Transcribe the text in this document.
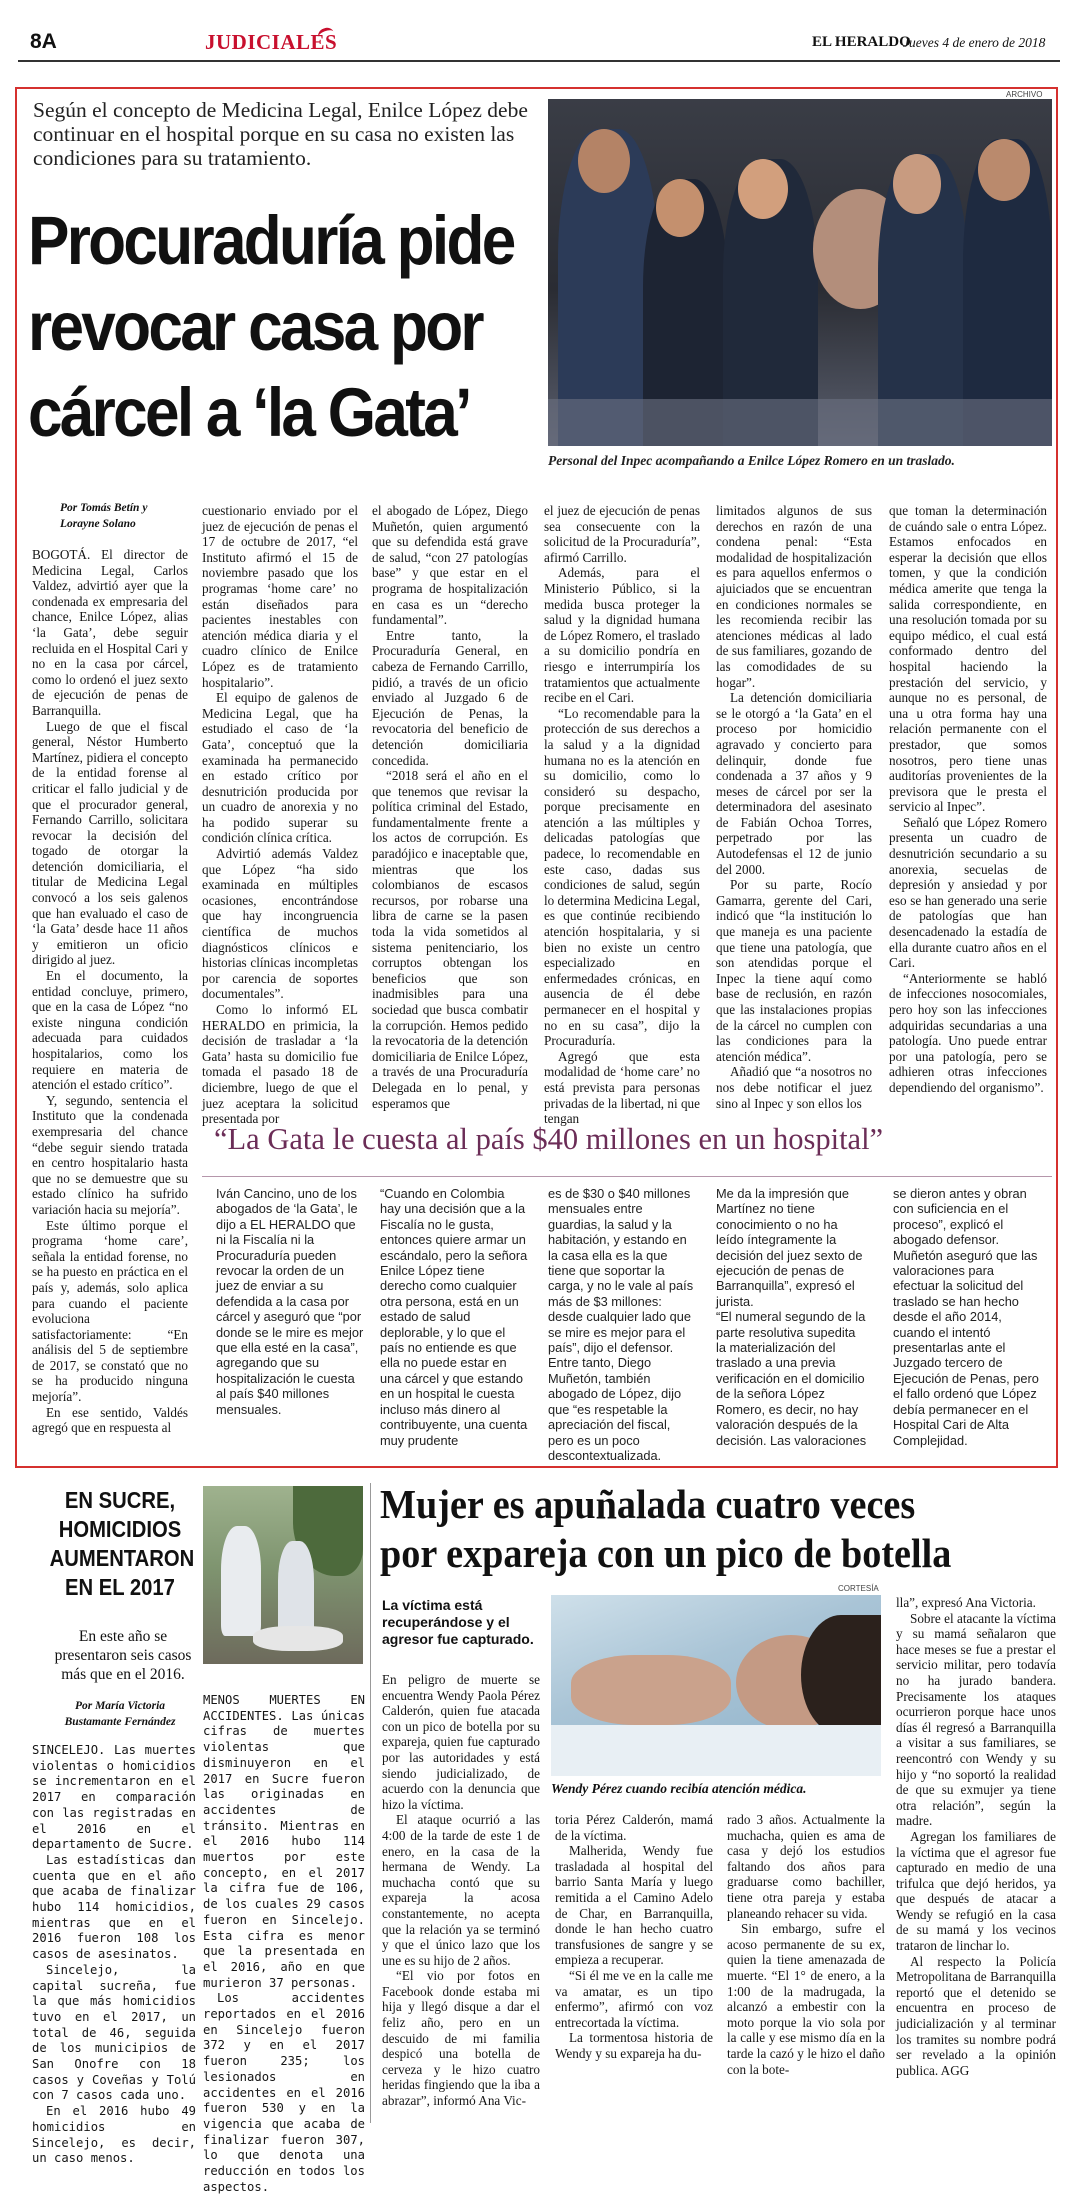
8A	JUDICIALES	EL HERALDO
Jueves 4 de enero de 2018
Según el concepto de Medicina Legal, Enilce López debe continuar en el hospital porque en su casa no existen las condiciones para su tratamiento.
Procuraduría pide
revocar casa por
cárcel a ‘la Gata’
ARCHIVO
Personal del Inpec acompañando a Enilce López Romero en un traslado.
Por Tomás Betín y
Lorayne Solano

BOGOTÁ. El director de Medicina Legal, Carlos Valdez, advirtió ayer que la condenada ex empresaria del chance, Enilce López, alias ‘la Gata’, debe seguir recluida en el Hospital Cari y no en la casa por cárcel, como lo ordenó el juez sexto de ejecución de penas de Barranquilla.

Luego de que el fiscal general, Néstor Humberto Martínez, pidiera el concepto de la entidad forense al criticar el fallo judicial y de que el procurador general, Fernando Carrillo, solicitara revocar la decisión del togado de otorgar la detención domiciliaria, el titular de Medicina Legal convocó a los seis galenos que han evaluado el caso de ‘la Gata’ desde hace 11 años y emitieron un oficio dirigido al juez.

En el documento, la entidad concluye, primero, que en la casa de López “no existe ninguna condición adecuada para cuidados hospitalarios, como los requiere en materia de atención el estado crítico”.

Y, segundo, sentencia el Instituto que la condenada exempresaria del chance “debe seguir siendo tratada en centro hospitalario hasta que no se demuestre que su estado clínico ha sufrido variación hacia su mejoría”.

Este último porque el programa ‘home care’, señala la entidad forense, no se ha puesto en práctica en el país y, además, solo aplica para cuando el paciente evoluciona satisfactoriamente: “En análisis del 5 de septiembre de 2017, se constató que no se ha producido ninguna mejoría”.

En ese sentido, Valdés agregó que en respuesta al

cuestionario enviado por el juez de ejecución de penas el 17 de octubre de 2017, “el Instituto afirmó el 15 de noviembre pasado que los programas ‘home care’ no están diseñados para pacientes inestables con atención médica diaria y el cuadro clínico de Enilce López es de tratamiento hospitalario”.

El equipo de galenos de Medicina Legal, que ha estudiado el caso de ‘la Gata’, conceptuó que la examinada ha permanecido en estado crítico por desnutrición producida por un cuadro de anorexia y no ha podido superar su condición clínica crítica.

Advirtió además Valdez que López “ha sido examinada en múltiples ocasiones, encontrándose que hay incongruencia científica de muchos diagnósticos clínicos e historias clínicas incompletas por carencia de soportes documentales”.

Como lo informó EL HERALDO en primicia, la decisión de trasladar a ‘la Gata’ hasta su domicilio fue tomada el pasado 18 de diciembre, luego de que el juez aceptara la solicitud presentada por

el abogado de López, Diego Muñetón, quien argumentó que su defendida está grave de salud, “con 27 patologías base” y que estar en el programa de hospitalización en casa es un “derecho fundamental”.

Entre tanto, la Procuraduría General, en cabeza de Fernando Carrillo, pidió, a través de un oficio enviado al Juzgado 6 de Ejecución de Penas, la revocatoria del beneficio de detención domiciliaria concedida.

“2018 será el año en el que tenemos que revisar la política criminal del Estado, fundamentalmente frente a los actos de corrupción. Es paradójico e inaceptable que, mientras que los colombianos de escasos recursos, por robarse una libra de carne se la pasen toda la vida sometidos al sistema penitenciario, los corruptos obtengan los beneficios que son inadmisibles para una sociedad que busca combatir la corrupción. Hemos pedido la revocatoria de la detención domiciliaria de Enilce López, a través de una Procuraduría Delegada en lo penal, y esperamos que

el juez de ejecución de penas sea consecuente con la solicitud de la Procuraduría”, afirmó Carrillo.

Además, para el Ministerio Público, si la medida busca proteger la salud y la dignidad humana de López Romero, el traslado a su domicilio pondría en riesgo e interrumpiría los tratamientos que actualmente recibe en el Cari.

“Lo recomendable para la protección de sus derechos a la salud y a la dignidad humana no es la atención en su domicilio, como lo consideró su despacho, porque precisamente en atención a las múltiples y delicadas patologías que padece, lo recomendable en este caso, dadas sus condiciones de salud, según lo determina Medicina Legal, es que continúe recibiendo atención hospitalaria, y si bien no existe un centro especializado en enfermedades crónicas, en ausencia de él debe permanecer en el hospital y no en su casa”, dijo la Procuraduría.

Agregó que esta modalidad de ‘home care’ no está prevista para personas privadas de la libertad, ni que tengan

limitados algunos de sus derechos en razón de una condena penal: “Esta modalidad de hospitalización es para aquellos enfermos o ajuiciados que se encuentran en condiciones normales se les recomienda recibir las atenciones médicas al lado de sus familiares, gozando de las comodidades de su hogar”.

La detención domiciliaria se le otorgó a ‘la Gata’ en el proceso por homicidio agravado y concierto para delinquir, donde fue condenada a 37 años y 9 meses de cárcel por ser la determinadora del asesinato de Fabián Ochoa Torres, perpetrado por las Autodefensas el 12 de junio del 2000.

Por su parte, Rocío Gamarra, gerente del Cari, indicó que “la institución lo que maneja es una paciente que tiene una patología, que son atendidas porque el Inpec la tiene aquí como base de reclusión, en razón que las instalaciones propias de la cárcel no cumplen con las condiciones para la atención médica”.

Añadió que “a nosotros no nos debe notificar el juez sino al Inpec y son ellos los

que toman la determinación de cuándo sale o entra López. Estamos enfocados en esperar la decisión que ellos tomen, y que la condición médica amerite que tenga la salida correspondiente, en una resolución tomada por su equipo médico, el cual está conformado dentro del hospital haciendo la prestación del servicio, y aunque no es personal, de una u otra forma hay una relación permanente con el prestador, que somos nosotros, pero tiene unas auditorías provenientes de la previsora que le presta el servicio al Inpec”.

Señaló que López Romero presenta un cuadro de desnutrición secundario a su anorexia, secuelas de depresión y ansiedad y por eso se han generado una serie de patologías que han desencadenado la estadía de ella durante cuatro años en el Cari.

“Anteriormente se habló de infecciones nosocomiales, pero hoy son las infecciones adquiridas secundarias a una patología. Uno puede entrar por una patología, pero se adhieren otras infecciones dependiendo del organismo”.

“La Gata le cuesta al país $40 millones en un hospital”
Iván Cancino, uno de los abogados de ‘la Gata’, le dijo a EL HERALDO que ni la Fiscalía ni la Procuraduría pueden revocar la orden de un juez de enviar a su defendida a la casa por cárcel y aseguró que “por donde se le mire es mejor que ella esté en la casa”, agregando que su hospitalización le cuesta al país $40 millones mensuales.
“Cuando en Colombia hay una decisión que a la Fiscalía no le gusta, entonces quiere armar un escándalo, pero la señora Enilce López tiene derecho como cualquier otra persona, está en un estado de salud deplorable, y lo que el país no entiende es que ella no puede estar en una cárcel y que estando en un hospital le cuesta incluso más dinero al contribuyente, una cuenta muy prudente
es de $30 o $40 millones mensuales entre guardias, la salud y la habitación, y estando en la casa ella es la que tiene que soportar la carga, y no le vale al país más de $3 millones: desde cualquier lado que se mire es mejor para el país”, dijo el defensor.
Entre tanto, Diego Muñetón, también abogado de López, dijo que “es respetable la apreciación del fiscal, pero es un poco descontextualizada.
Me da la impresión que Martínez no tiene conocimiento o no ha leído íntegramente la decisión del juez sexto de ejecución de penas de Barranquilla”, expresó el jurista.
“El numeral segundo de la parte resolutiva supedita la materialización del traslado a una previa verificación en el domicilio de la señora López Romero, es decir, no hay valoración después de la decisión. Las valoraciones
se dieron antes y obran con suficiencia en el proceso”, explicó el abogado defensor. Muñetón aseguró que las valoraciones para efectuar la solicitud del traslado se han hecho desde el año 2014, cuando el intentó presentarlas ante el Juzgado tercero de Ejecución de Penas, pero el fallo ordenó que López debía permanecer en el Hospital Cari de Alta Complejidad.
EN SUCRE,
HOMICIDIOS
AUMENTARON
EN EL 2017
En este año se presentaron seis casos más que en el 2016.
Por María Victoria
Bustamante Fernández

SINCELEJO. Las muertes violentas o homicidios se incrementaron en el 2017 en comparación con las registradas en el 2016 en el departamento de Sucre.

Las estadísticas dan cuenta que en el año que acaba de finalizar hubo 114 homicidios, mientras que en el 2016 fueron 108 los casos de asesinatos.

Sincelejo, la capital sucreña, fue la que más homicidios tuvo en el 2017, un total de 46, seguida de los municipios de San Onofre con 18 casos y Coveñas y Tolú con 7 casos cada uno.

En el 2016 hubo 49 homicidios en Sincelejo, es decir, un caso menos.

MENOS MUERTES EN ACCIDENTES. Las únicas cifras de muertes violentas que disminuyeron en el 2017 en Sucre fueron las originadas en accidentes de tránsito. Mientras en el 2016 hubo 114 muertos por este concepto, en el 2017 la cifra fue de 106, de los cuales 29 casos fueron en Sincelejo. Esta cifra es menor que la presentada en el 2016, año en que murieron 37 personas.

Los accidentes reportados en el 2016 en Sincelejo fueron 372 y en el 2017 fueron 235; los lesionados en accidentes en el 2016 fueron 530 y en la vigencia que acaba de finalizar fueron 307, lo que denota una reducción en todos los aspectos.

Mujer es apuñalada cuatro veces
por expareja con un pico de botella
La víctima está recuperándose y el agresor fue capturado.
CORTESÍA
Wendy Pérez cuando recibía atención médica.

En peligro de muerte se encuentra Wendy Paola Pérez Calderón, quien fue atacada con un pico de botella por su expareja, quien fue capturado por las autoridades y está siendo judicializado, de acuerdo con la denuncia que hizo la víctima.

El ataque ocurrió a las 4:00 de la tarde de este 1 de enero, en la casa de la hermana de Wendy. La muchacha contó que su expareja la acosa constantemente, no acepta que la relación ya se terminó y que el único lazo que los une es su hijo de 2 años.

“El vio por fotos en Facebook donde estaba mi hija y llegó disque a dar el feliz año, pero en un descuido de mi familia despicó una botella de cerveza y le hizo cuatro heridas fingiendo que la iba a abrazar”, informó Ana Vic-

toria Pérez Calderón, mamá de la víctima.

Malherida, Wendy fue trasladada al hospital del barrio Santa María y luego remitida a el Camino Adelo de Char, en Barranquilla, donde le han hecho cuatro transfusiones de sangre y se empieza a recuperar.

“Si él me ve en la calle me va amatar, es un tipo enfermo”, afirmó con voz entrecortada la víctima.

La tormentosa historia de Wendy y su expareja ha du-

rado 3 años. Actualmente la muchacha, quien es ama de casa y dejó los estudios faltando dos años para graduarse como bachiller, tiene otra pareja y estaba planeando rehacer su vida.

Sin embargo, sufre el acoso permanente de su ex, quien la tiene amenazada de muerte. “El 1° de enero, a la 1:00 de la madrugada, la alcanzó a embestir con la moto porque la vio sola por la calle y ese mismo día en la tarde la cazó y le hizo el daño con la bote-

lla”, expresó Ana Victoria.

Sobre el atacante la víctima y su mamá señalaron que hace meses se fue a prestar el servicio militar, pero todavía no ha jurado bandera. Precisamente los ataques ocurrieron porque hace unos días él regresó a Barranquilla a visitar a sus familiares, se reencontró con Wendy y su hijo y “no soportó la realidad de que su exmujer ya tiene otra relación”, según la madre.

Agregan los familiares de la víctima que el agresor fue capturado en medio de una trifulca que dejó heridos, ya que después de atacar a Wendy se refugió en la casa de su mamá y los vecinos trataron de linchar lo.

Al respecto la Policía Metropolitana de Barranquilla reportó que el detenido se encuentra en proceso de judicialización y al terminar los tramites su nombre podrá ser revelado a la opinión publica. AGG
